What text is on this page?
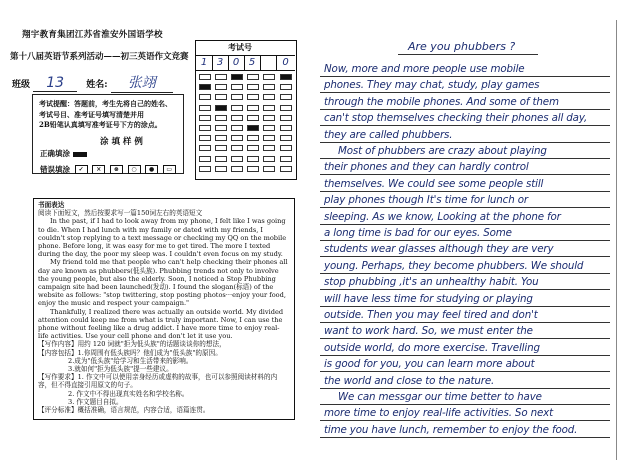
翔宇教育集团江苏省淮安外国语学校
第十八届英语节系列活动——初三英语作文竞赛
班级 13 姓名: 张翊
考试提醒：答题前，考生先将自己的姓名、考试号目、准考证号填写清楚并用
2B铅笔认真填写准考证号下方的涂点。
涂 填 样 例
正确填涂
错误填涂 ✓ × ⊗ ○ ● ▭
1 3 0 5	0
考试号

书面表达

阅读下面短文，然后按要求写一篇150词左右的英语短文

In the past, if I had to look away from my phone, I felt like I was going to die. When I had lunch with my family or dated with my friends, I couldn't stop replying to a text message or checking my QQ on the mobile phone. Before long, it was easy for me to get tired. The more I texted during the day, the poor my sleep was. I couldn't even focus on my study.

My friend told me that people who can't help checking their phones all day are known as phubbers(低头族). Phubbing trends not only to involve the young people, but also the elderly. Soon, I noticed a Stop Phubbing campaign site had been launched(发动). I found the slogan(标语) of the website as follows: "stop twittering, stop posting photos···enjoy your food, enjoy the music and respect your campaign."

Thankfully, I realized there was actually an outside world. My divided attention could keep me from what is truly important. Now, I can use the phone without feeling like a drug addict. I have more time to enjoy real-life activities. Use your cell phone and don't let it use you.

【写作内容】用约 120 词就"拒为低头族"的话题谈谈你的想法，

【内容包括】1.你周围有低头族吗？他们成为"低头族"的原因。

2.成为"低头族"给学习和生活带来的影响。

3.就如何"拒为低头族"提一些建议。

【写作要求】1. 作文中可以使用亲身经历或虚构的故事，也可以参照阅读材料的内容，但不得直接引用原文的句子。

2. 作文中不得出现真实姓名和学校名称。

3. 作文题目自拟。

【评分标准】概括准确，语言规范，内容合适，语篇连贯。

Are you phubbers ?
Now, more and more people use mobile
phones. They may chat, study, play games
through the mobile phones. And some of them
can't stop themselves checking their phones all day,
they are called phubbers.
Most of phubbers are crazy about playing
their phones and they can hardly control
themselves. We could see some people still
play phones though It's time for lunch or
sleeping. As we know, Looking at the phone for
a long time is bad for our eyes. Some
students wear glasses although they are very
young. Perhaps, they become phubbers. We should
stop phubbing ,it's an unhealthy habit. You
will have less time for studying or playing
outside. Then you may feel tired and don't
want to work hard. So, we must enter the
outside world, do more exercise. Travelling
is good for you, you can learn more about
the world and close to the nature.
We can messgar our time better to have
more time to enjoy real-life activities. So next
time you have lunch, remember to enjoy the food.
